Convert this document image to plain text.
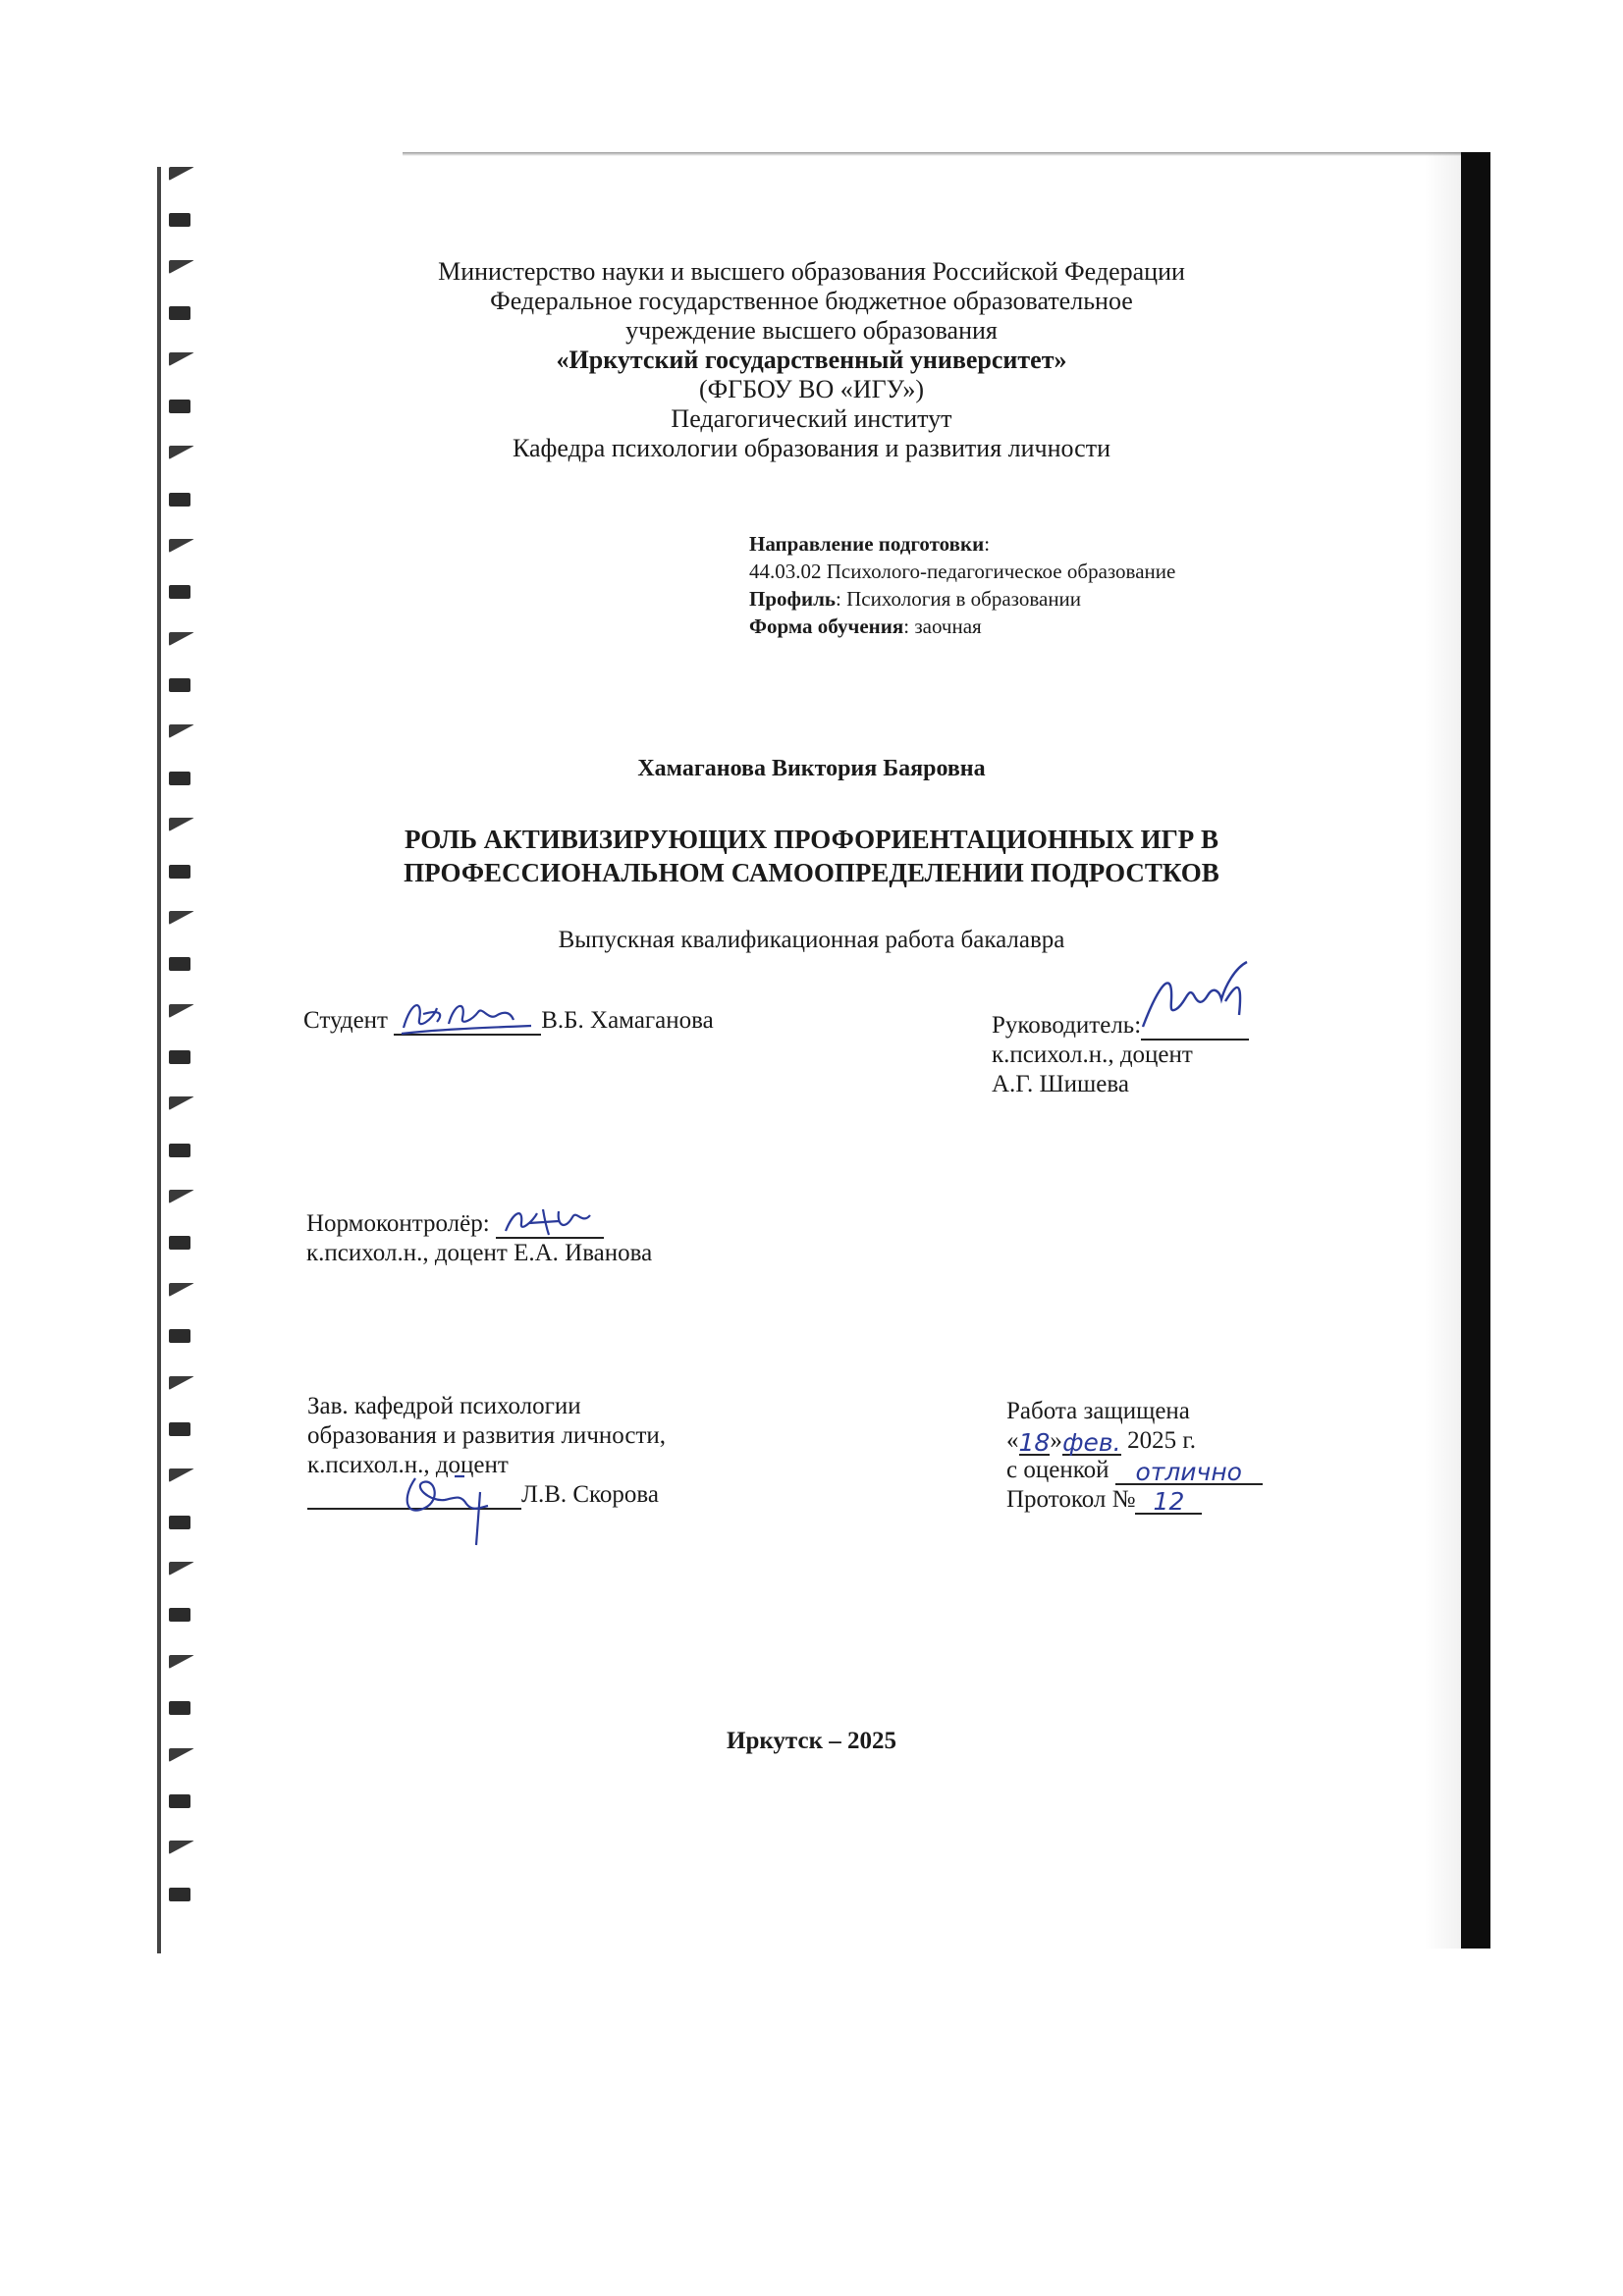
Министерство науки и высшего образования Российской Федерации

Федеральное государственное бюджетное образовательное

учреждение высшего образования

«Иркутский государственный университет»

(ФГБОУ ВО «ИГУ»)

Педагогический институт

Кафедра психологии образования и развития личности

Направление подготовки:
44.03.02 Психолого-педагогическое образование
Профиль: Психология в образовании
Форма обучения: заочная
Хамаганова Виктория Баяровна
РОЛЬ АКТИВИЗИРУЮЩИХ ПРОФОРИЕНТАЦИОННЫХ ИГР В
ПРОФЕССИОНАЛЬНОМ САМООПРЕДЕЛЕНИИ ПОДРОСТКОВ
Выпускная квалификационная работа бакалавра
Студент	В.Б. Хамаганова	Руководитель:
к.психол.н., доцент
А.Г. Шишева
Нормоконтролёр:
к.психол.н., доцент Е.А. Иванова
Зав. кафедрой психологии
образования и развития личности,
к.психол.н., доцент
Л.В. Скорова
Работа защищена
«18»фев. 2025 г.
с оценкой отлично
Протокол № 12
Иркутск – 2025
